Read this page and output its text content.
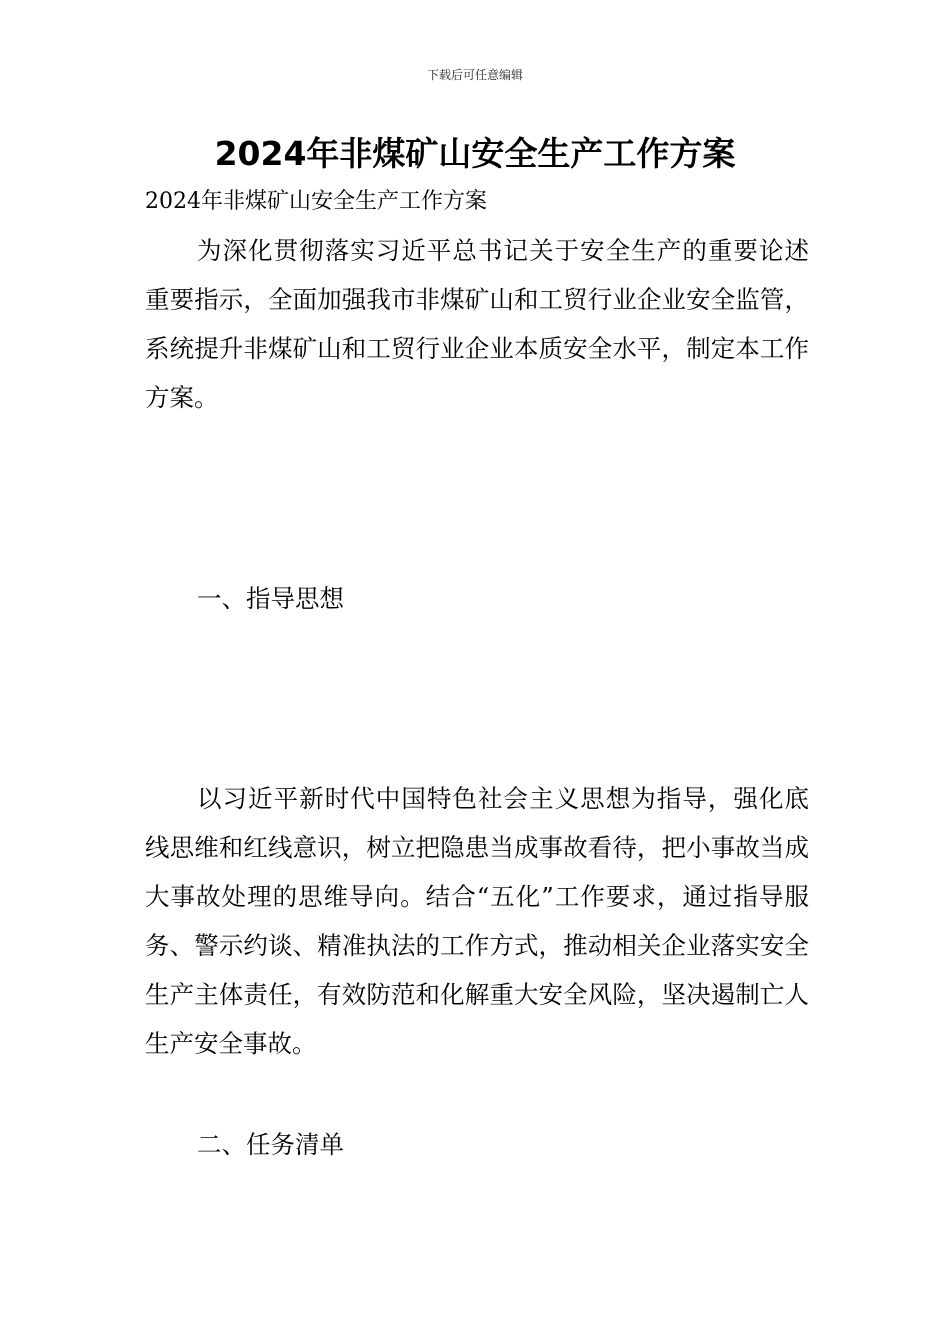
下载后可任意编辑
2024年非煤矿山安全生产工作方案
2024年非煤矿山安全生产工作方案
为深化贯彻落实习近平总书记关于安全生产的重要论述重要指示，全面加强我市非煤矿山和工贸行业企业安全监管，系统提升非煤矿山和工贸行业企业本质安全水平，制定本工作方案。
一、指导思想
以习近平新时代中国特色社会主义思想为指导，强化底线思维和红线意识，树立把隐患当成事故看待，把小事故当成大事故处理的思维导向。结合“五化”工作要求，通过指导服务、警示约谈、精准执法的工作方式，推动相关企业落实安全生产主体责任，有效防范和化解重大安全风险，坚决遏制亡人生产安全事故。
二、任务清单
